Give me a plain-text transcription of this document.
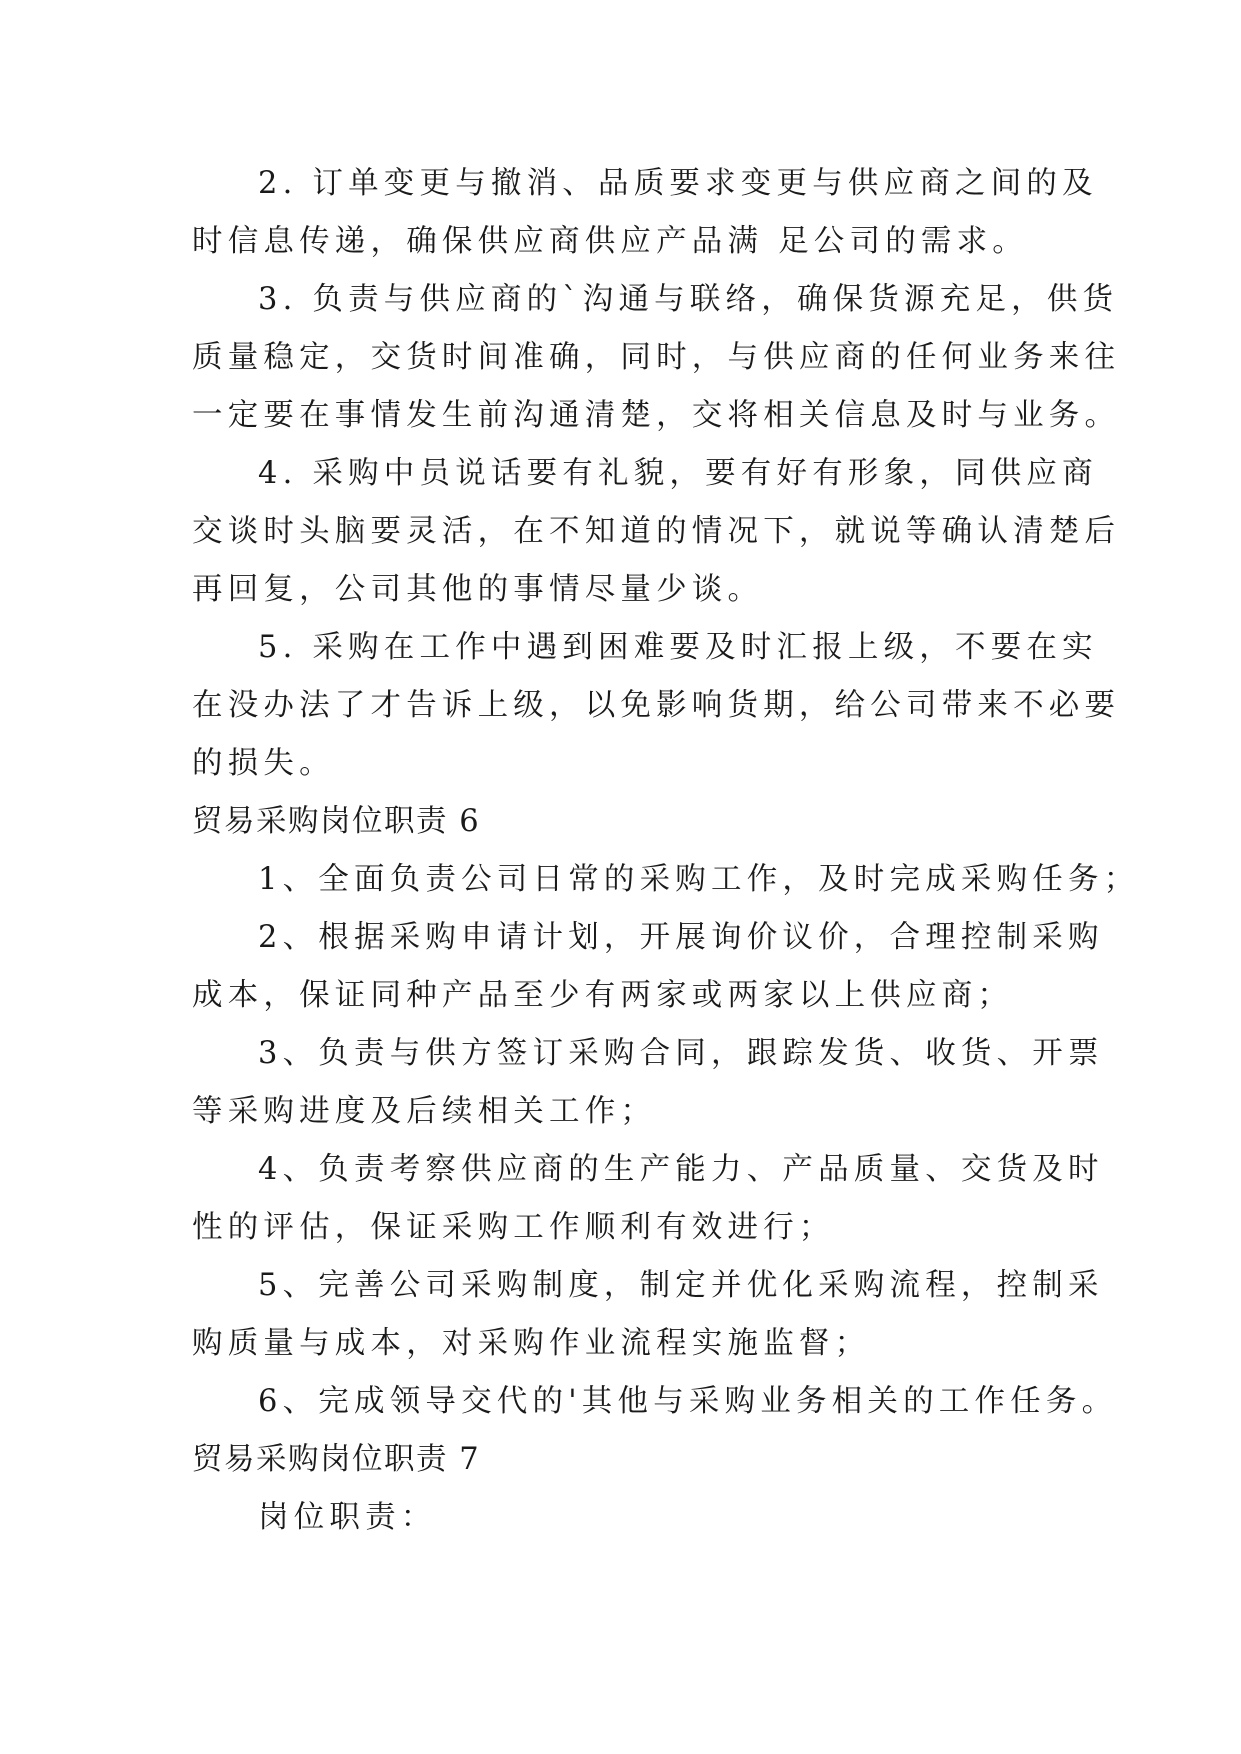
2. 订单变更与撤消、品质要求变更与供应商之间的及
时信息传递，确保供应商供应产品满 足公司的需求。
3. 负责与供应商的`沟通与联络，确保货源充足，供货
质量稳定，交货时间准确，同时，与供应商的任何业务来往
一定要在事情发生前沟通清楚，交将相关信息及时与业务。
4. 采购中员说话要有礼貌，要有好有形象，同供应商
交谈时头脑要灵活，在不知道的情况下，就说等确认清楚后
再回复，公司其他的事情尽量少谈。
5. 采购在工作中遇到困难要及时汇报上级，不要在实
在没办法了才告诉上级，以免影响货期，给公司带来不必要
的损失。
贸易采购岗位职责 6
1、全面负责公司日常的采购工作，及时完成采购任务；
2、根据采购申请计划，开展询价议价，合理控制采购
成本，保证同种产品至少有两家或两家以上供应商；
3、负责与供方签订采购合同，跟踪发货、收货、开票
等采购进度及后续相关工作；
4、负责考察供应商的生产能力、产品质量、交货及时
性的评估，保证采购工作顺利有效进行；
5、完善公司采购制度，制定并优化采购流程，控制采
购质量与成本，对采购作业流程实施监督；
6、完成领导交代的'其他与采购业务相关的工作任务。
贸易采购岗位职责 7
岗位职责：
